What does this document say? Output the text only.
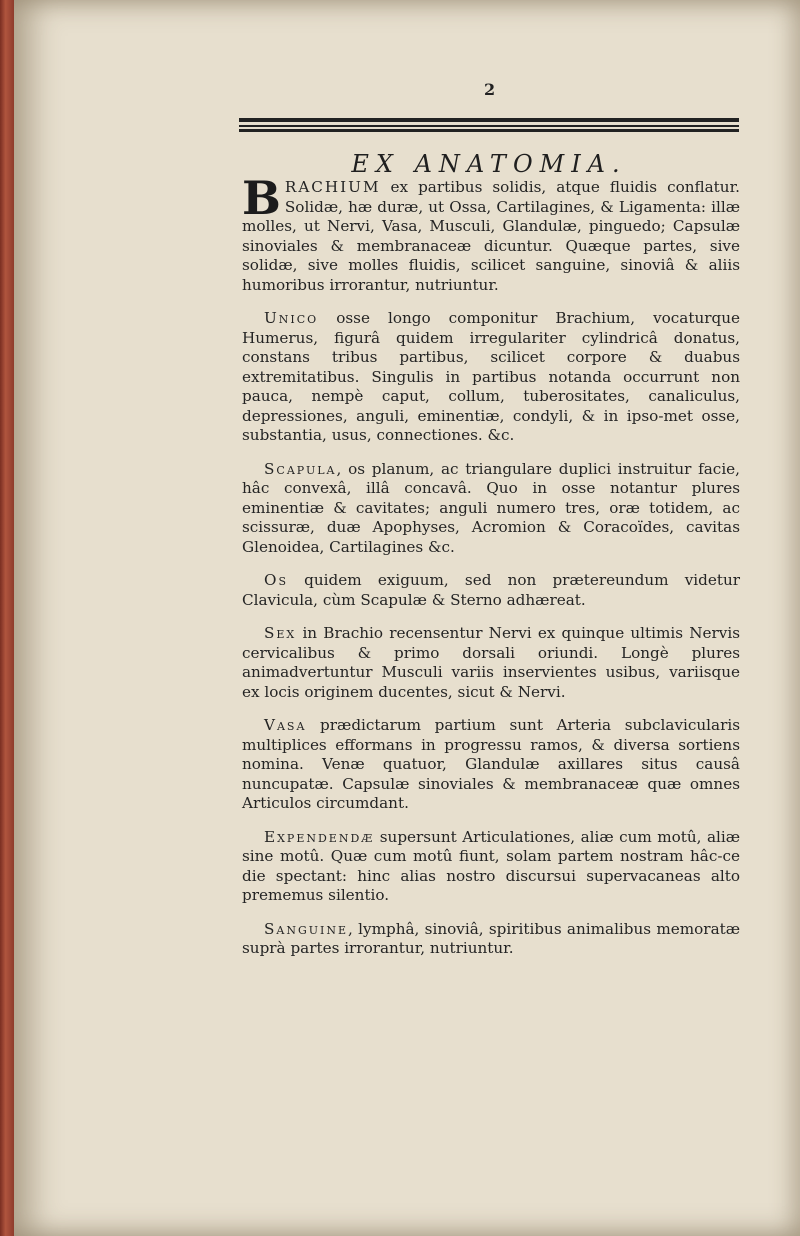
2
EX ANATOMIA.

BRACHIUM ex partibus solidis, atque fluidis conflatur. Solidæ, hæ duræ, ut Ossa, Cartilagines, & Ligamenta: illæ molles, ut Nervi, Vasa, Musculi, Glandulæ, pinguedo; Capsulæ sinoviales & membranaceæ dicuntur. Quæque partes, sive solidæ, sive molles fluidis, scilicet sanguine, sinoviâ & aliis humoribus irrorantur, nutriuntur.

Unico osse longo componitur Brachium, vocaturque Humerus, figurâ quidem irregulariter cylindricâ donatus, constans tribus partibus, scilicet corpore & duabus extremitatibus. Singulis in partibus notanda occurrunt non pauca, nempè caput, collum, tuberositates, canaliculus, depressiones, anguli, eminentiæ, condyli, & in ipso-met osse, substantia, usus, connectiones. &c.

Scapula, os planum, ac triangulare duplici instruitur facie, hâc convexâ, illâ concavâ. Quo in osse notantur plures eminentiæ & cavitates; anguli numero tres, oræ totidem, ac scissuræ, duæ Apophyses, Acromion & Coracoïdes, cavitas Glenoidea, Cartilagines &c.

Os quidem exiguum, sed non prætereundum videtur Clavicula, cùm Scapulæ & Sterno adhæreat.

Sex in Brachio recensentur Nervi ex quinque ultimis Nervis cervicalibus & primo dorsali oriundi. Longè plures animadvertuntur Musculi variis inservientes usibus, variisque ex locis originem ducentes, sicut & Nervi.

Vasa prædictarum partium sunt Arteria subclavicularis multiplices efformans in progressu ramos, & diversa sortiens nomina. Venæ quatuor, Glandulæ axillares situs causâ nuncupatæ. Capsulæ sinoviales & membranaceæ quæ omnes Articulos circumdant.

Expendendæ supersunt Articulationes, aliæ cum motû, aliæ sine motû. Quæ cum motû fiunt, solam partem nostram hâc-ce die spectant: hinc alias nostro discursui supervacaneas alto prememus silentio.

Sanguine, lymphâ, sinoviâ, spiritibus animalibus memoratæ suprà partes irrorantur, nutriuntur.
